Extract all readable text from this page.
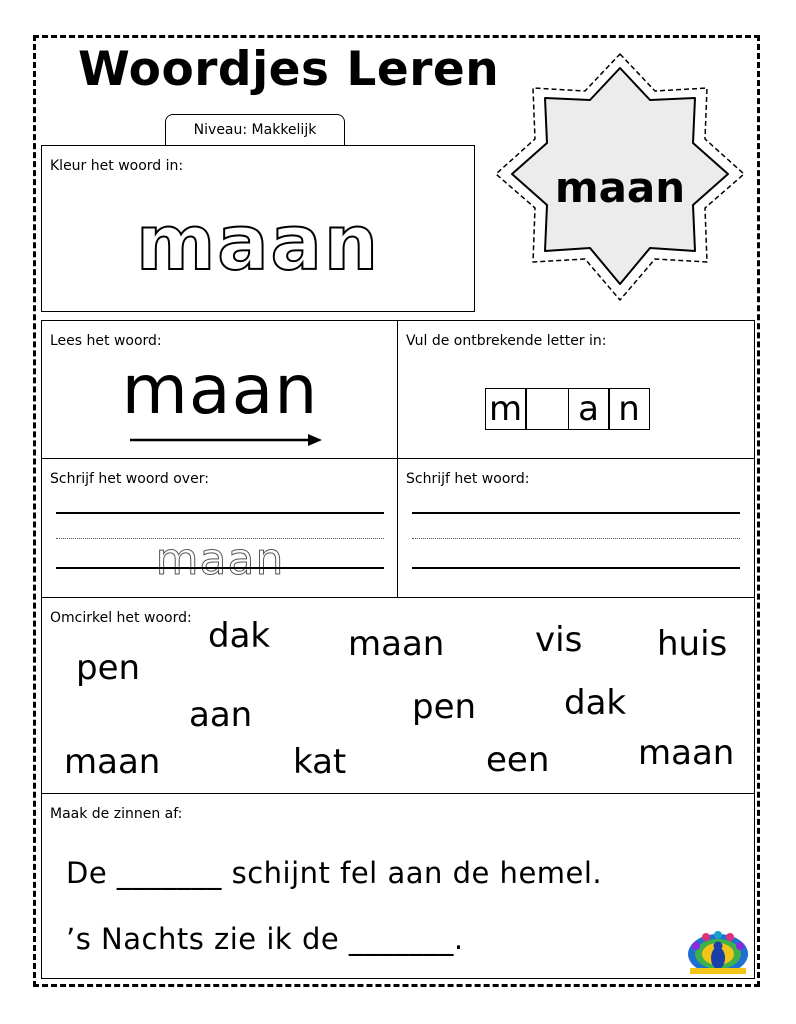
Woordjes Leren
maan
Niveau: Makkelijk
Kleur het woord in:
maan
Lees het woord:
maan
Vul de ontbrekende letter in:
m	a n
Schrijf het woord over:
maan
Schrijf het woord:
Omcirkel het woord: dak maan	vis huis
pen
aan	pen	dak
maan	kat	een	maan
Maak de zinnen af:
De _______ schijnt fel aan de hemel.
’s Nachts zie ik de _______.
